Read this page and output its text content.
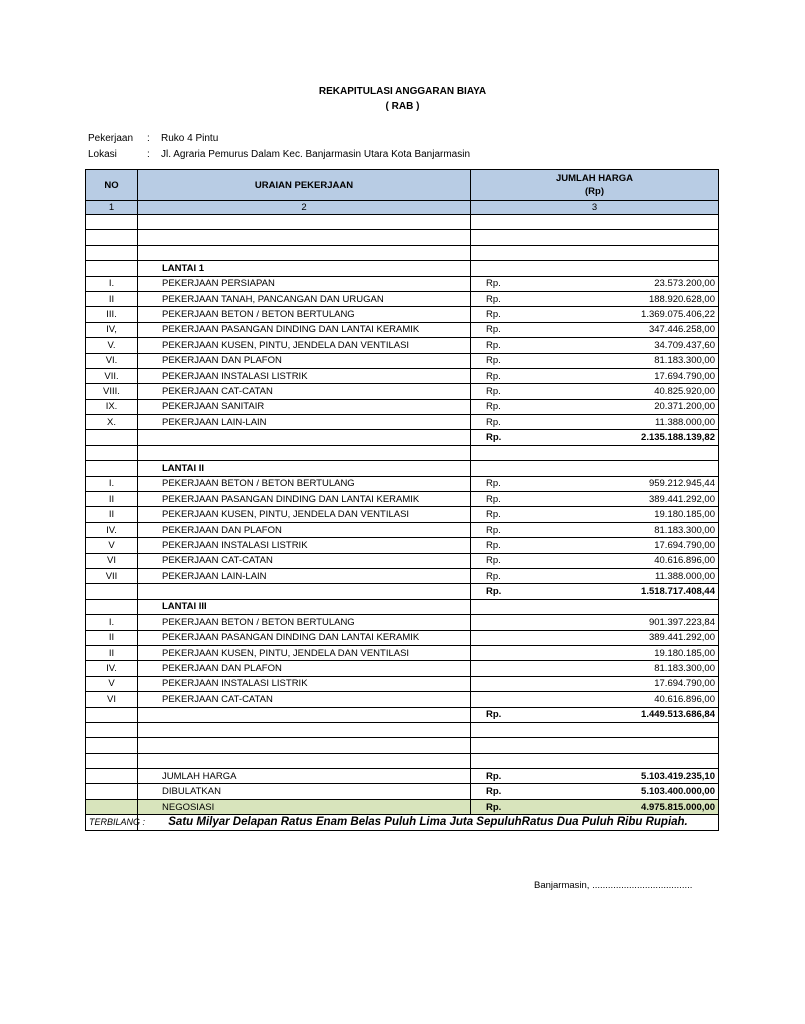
REKAPITULASI ANGGARAN BIAYA
( RAB )
Pekerjaan : Ruko 4 Pintu
Lokasi	: Jl. Agraria Pemurus Dalam Kec. Banjarmasin Utara Kota Banjarmasin
NO	URAIAN PEKERJAAN	JUMLAH HARGA
(Rp)

1	2	3

	LANTAI 1	

I.	PEKERJAAN PERSIAPAN	Rp. 23.573.200,00

II	PEKERJAAN TANAH, PANCANGAN DAN URUGAN	Rp. 188.920.628,00

III.	PEKERJAAN BETON / BETON BERTULANG	Rp. 1.369.075.406,22

IV,	PEKERJAAN PASANGAN DINDING DAN LANTAI KERAMIK	Rp. 347.446.258,00

V.	PEKERJAAN KUSEN, PINTU, JENDELA DAN VENTILASI	Rp. 34.709.437,60

VI.	PEKERJAAN DAN PLAFON	Rp. 81.183.300,00

VII.	PEKERJAAN INSTALASI LISTRIK	Rp. 17.694.790,00

VIII.	PEKERJAAN CAT-CATAN	Rp. 40.825.920,00

IX.	PEKERJAAN SANITAIR	Rp. 20.371.200,00

X.	PEKERJAAN LAIN-LAIN	Rp. 11.388.000,00

		Rp. 2.135.188.139,82

	LANTAI II	

I.	PEKERJAAN BETON / BETON BERTULANG	Rp. 959.212.945,44

II	PEKERJAAN PASANGAN DINDING DAN LANTAI KERAMIK	Rp. 389.441.292,00

II	PEKERJAAN KUSEN, PINTU, JENDELA DAN VENTILASI	Rp. 19.180.185,00

IV.	PEKERJAAN DAN PLAFON	Rp. 81.183.300,00

V	PEKERJAAN INSTALASI LISTRIK	Rp. 17.694.790,00

VI	PEKERJAAN CAT-CATAN	Rp. 40.616.896,00

VII	PEKERJAAN LAIN-LAIN	Rp. 11.388.000,00

		Rp. 1.518.717.408,44

	LANTAI III	

I.	PEKERJAAN BETON / BETON BERTULANG	901.397.223,84

II	PEKERJAAN PASANGAN DINDING DAN LANTAI KERAMIK	389.441.292,00

II	PEKERJAAN KUSEN, PINTU, JENDELA DAN VENTILASI	19.180.185,00

IV.	PEKERJAAN DAN PLAFON	81.183.300,00

V	PEKERJAAN INSTALASI LISTRIK	17.694.790,00

VI	PEKERJAAN CAT-CATAN	40.616.896,00

		Rp. 1.449.513.686,84

	JUMLAH HARGA	Rp. 5.103.419.235,10

	DIBULATKAN	Rp. 5.103.400.000,00

	NEGOSIASI	Rp. 4.975.815.000,00

TERBILANG :	Satu Milyar Delapan Ratus Enam Belas Puluh Lima Juta SepuluhRatus Dua Puluh Ribu Rupiah.	
Banjarmasin, ......................................
